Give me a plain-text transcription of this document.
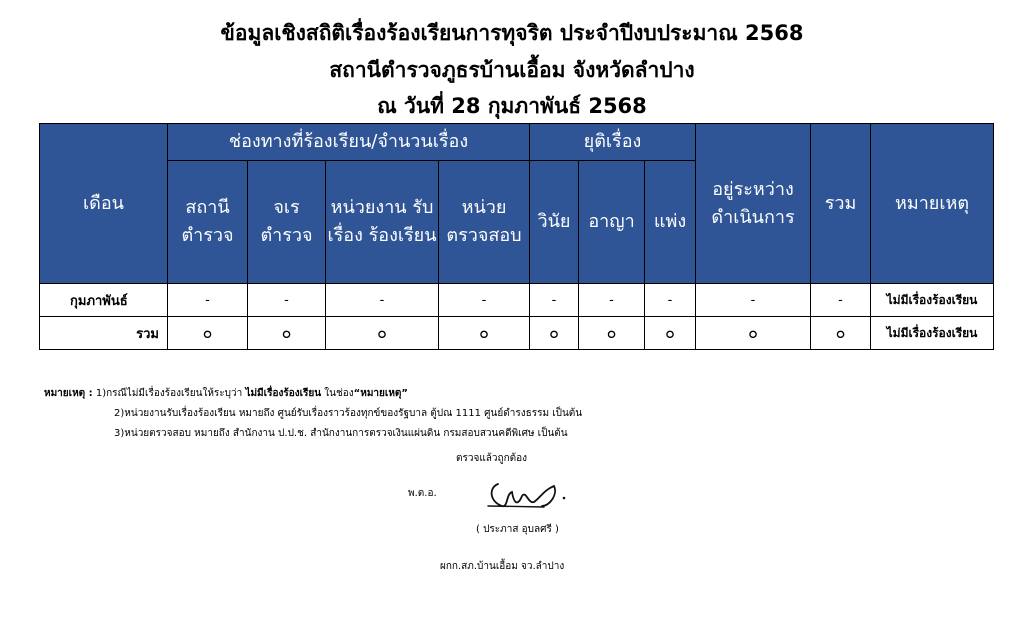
ข้อมูลเชิงสถิติเรื่องร้องเรียนการทุจริต ประจำปีงบประมาณ 2568
สถานีตำรวจภูธรบ้านเอื้อม จังหวัดลำปาง
ณ วันที่ 28 กุมภาพันธ์ 2568
เดือน	ช่องทางที่ร้องเรียน/จำนวนเรื่อง				ยุติเรื่อง			อยู่ระหว่าง ดำเนินการ	รวม	หมายเหตุ
	สถานี ตำรวจ	จเร ตำรวจ	หน่วยงาน รับเรื่อง ร้องเรียน	หน่วย ตรวจสอบ	วินัย	อาญา	แพ่ง			
กุมภาพันธ์	-	-	-	-	-	-	-	-	-	ไม่มีเรื่องร้องเรียน
รวม	๐	๐	๐	๐	๐	๐	๐	๐	๐	ไม่มีเรื่องร้องเรียน
หมายเหตุ : 1)กรณีไม่มีเรื่องร้องเรียนให้ระบุว่า ไม่มีเรื่องร้องเรียน ในช่อง“หมายเหตุ”
2)หน่วยงานรับเรื่องร้องเรียน หมายถึง ศูนย์รับเรื่องราวร้องทุกข์ของรัฐบาล ตู้ปณ 1111 ศูนย์ดำรงธรรม เป็นต้น
3)หน่วยตรวจสอบ หมายถึง สำนักงาน ป.ป.ช. สำนักงานการตรวจเงินแผ่นดิน กรมสอบสวนคดีพิเศษ เป็นต้น
ตรวจแล้วถูกต้อง
พ.ต.อ.
( ประภาส อุบลศรี )
ผกก.สภ.บ้านเอื้อม จว.ลำปาง
